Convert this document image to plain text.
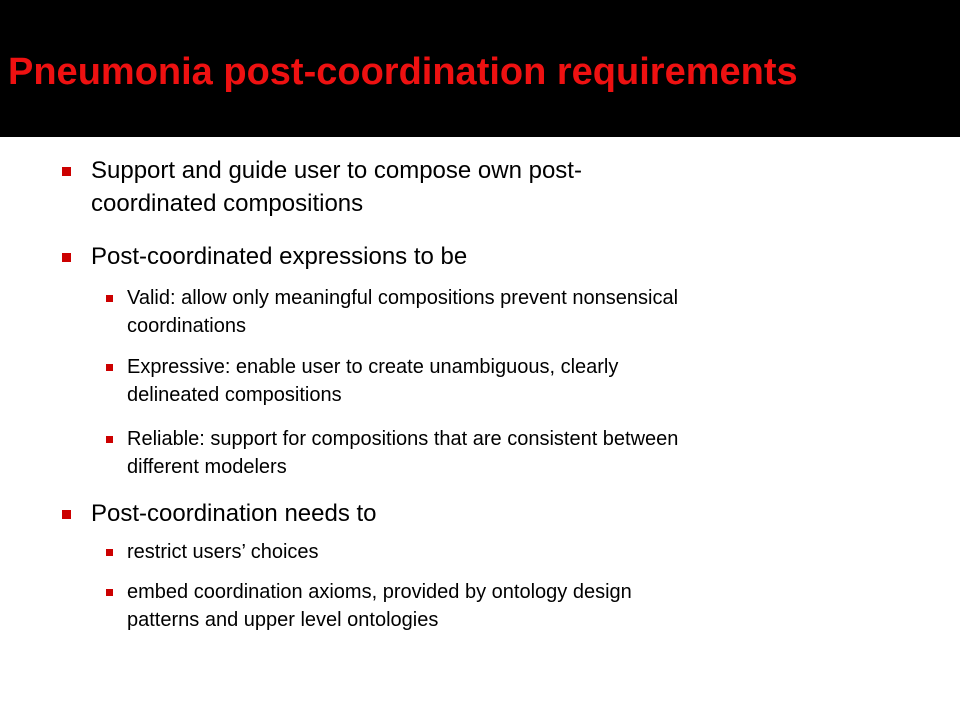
Pneumonia post-coordination requirements
Support and guide user to compose own post-
coordinated compositions
Post-coordinated expressions to be
Valid: allow only meaningful compositions prevent nonsensical
coordinations
Expressive: enable user to create unambiguous, clearly
delineated compositions
Reliable: support for compositions that are consistent between
different modelers
Post-coordination needs to
restrict users’ choices
embed coordination axioms, provided by ontology design
patterns and upper level ontologies
